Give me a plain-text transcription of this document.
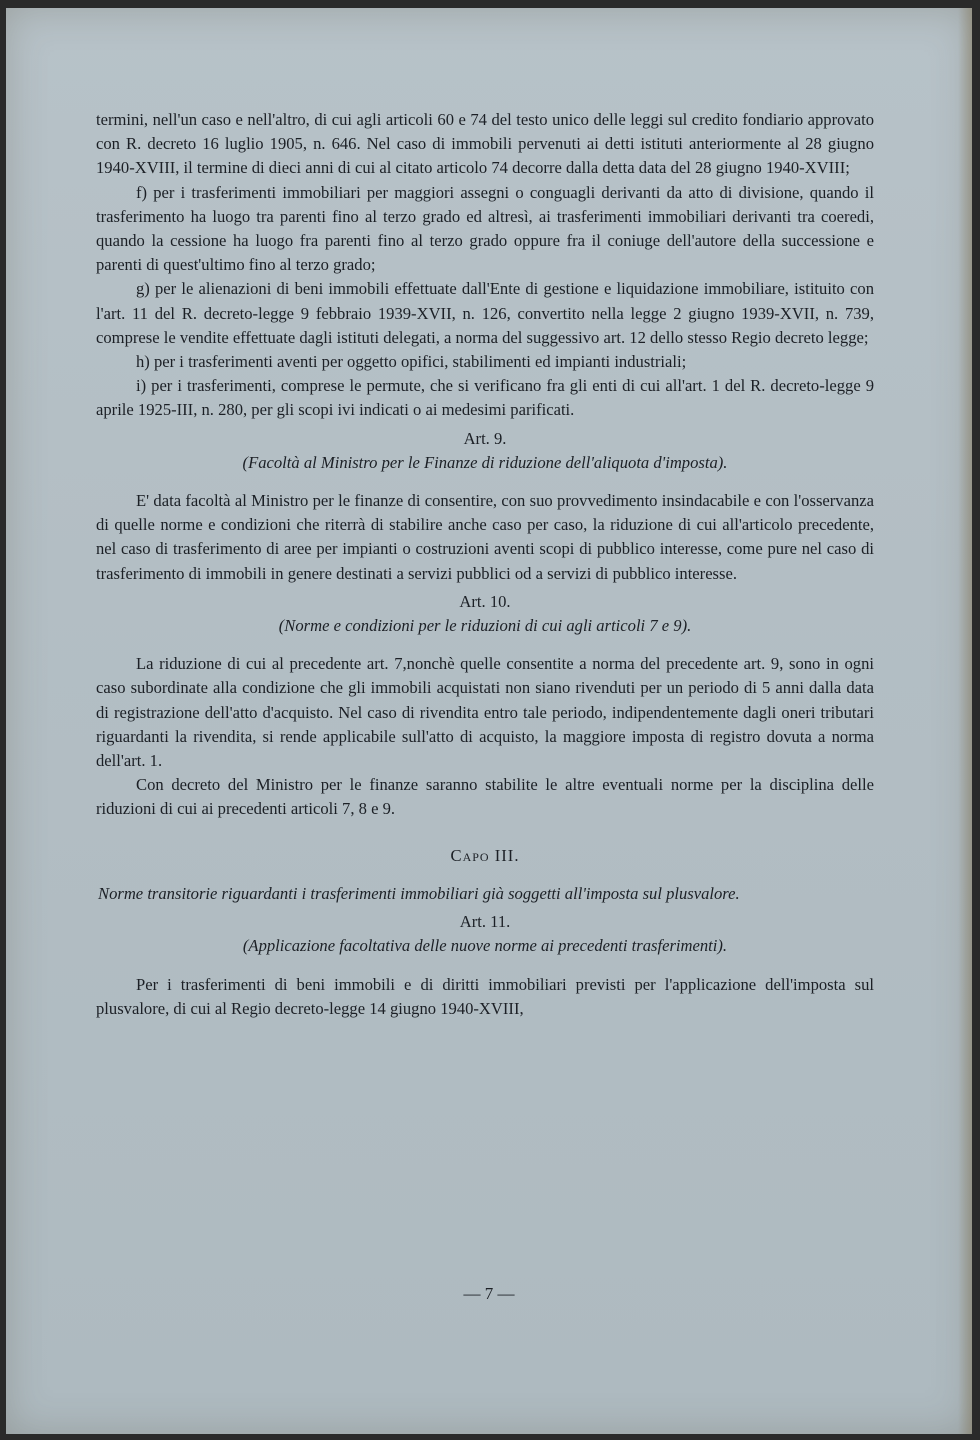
termini, nell'un caso e nell'altro, di cui agli articoli 60 e 74 del testo unico delle leggi sul credito fondiario approvato con R. decreto 16 luglio 1905, n. 646. Nel caso di immobili pervenuti ai detti istituti anteriormente al 28 giugno 1940-XVIII, il termine di dieci anni di cui al citato articolo 74 decorre dalla detta data del 28 giugno 1940-XVIII;

f) per i trasferimenti immobiliari per maggiori assegni o conguagli derivanti da atto di divisione, quando il trasferimento ha luogo tra parenti fino al terzo grado ed altresì, ai trasferimenti immobiliari derivanti tra coeredi, quando la cessione ha luogo fra parenti fino al terzo grado oppure fra il coniuge dell'autore della successione e parenti di quest'ultimo fino al terzo grado;

g) per le alienazioni di beni immobili effettuate dall'Ente di gestione e liquidazione immobiliare, istituito con l'art. 11 del R. decreto-legge 9 febbraio 1939-XVII, n. 126, convertito nella legge 2 giugno 1939-XVII, n. 739, comprese le vendite effettuate dagli istituti delegati, a norma del suggessivo art. 12 dello stesso Regio decreto legge;

h) per i trasferimenti aventi per oggetto opifici, stabilimenti ed impianti industriali;

i) per i trasferimenti, comprese le permute, che si verificano fra gli enti di cui all'art. 1 del R. decreto-legge 9 aprile 1925-III, n. 280, per gli scopi ivi indicati o ai medesimi parificati.

Art. 9.

(Facoltà al Ministro per le Finanze di riduzione dell'aliquota d'imposta).

E' data facoltà al Ministro per le finanze di consentire, con suo provvedimento insindacabile e con l'osservanza di quelle norme e condizioni che riterrà di stabilire anche caso per caso, la riduzione di cui all'articolo precedente, nel caso di trasferimento di aree per impianti o costruzioni aventi scopi di pubblico interesse, come pure nel caso di trasferimento di immobili in genere destinati a servizi pubblici od a servizi di pubblico interesse.

Art. 10.

(Norme e condizioni per le riduzioni di cui agli articoli 7 e 9).

La riduzione di cui al precedente art. 7,nonchè quelle consentite a norma del precedente art. 9, sono in ogni caso subordinate alla condizione che gli immobili acquistati non siano rivenduti per un periodo di 5 anni dalla data di registrazione dell'atto d'acquisto. Nel caso di rivendita entro tale periodo, indipendentemente dagli oneri tributari riguardanti la rivendita, si rende applicabile sull'atto di acquisto, la maggiore imposta di registro dovuta a norma dell'art. 1.

Con decreto del Ministro per le finanze saranno stabilite le altre eventuali norme per la disciplina delle riduzioni di cui ai precedenti articoli 7, 8 e 9.

Capo III.

Norme transitorie riguardanti i trasferimenti immobiliari già soggetti all'imposta sul plusvalore.

Art. 11.

(Applicazione facoltativa delle nuove norme ai precedenti trasferimenti).

Per i trasferimenti di beni immobili e di diritti immobiliari previsti per l'applicazione dell'imposta sul plusvalore, di cui al Regio decreto-legge 14 giugno 1940-XVIII,

— 7 —
